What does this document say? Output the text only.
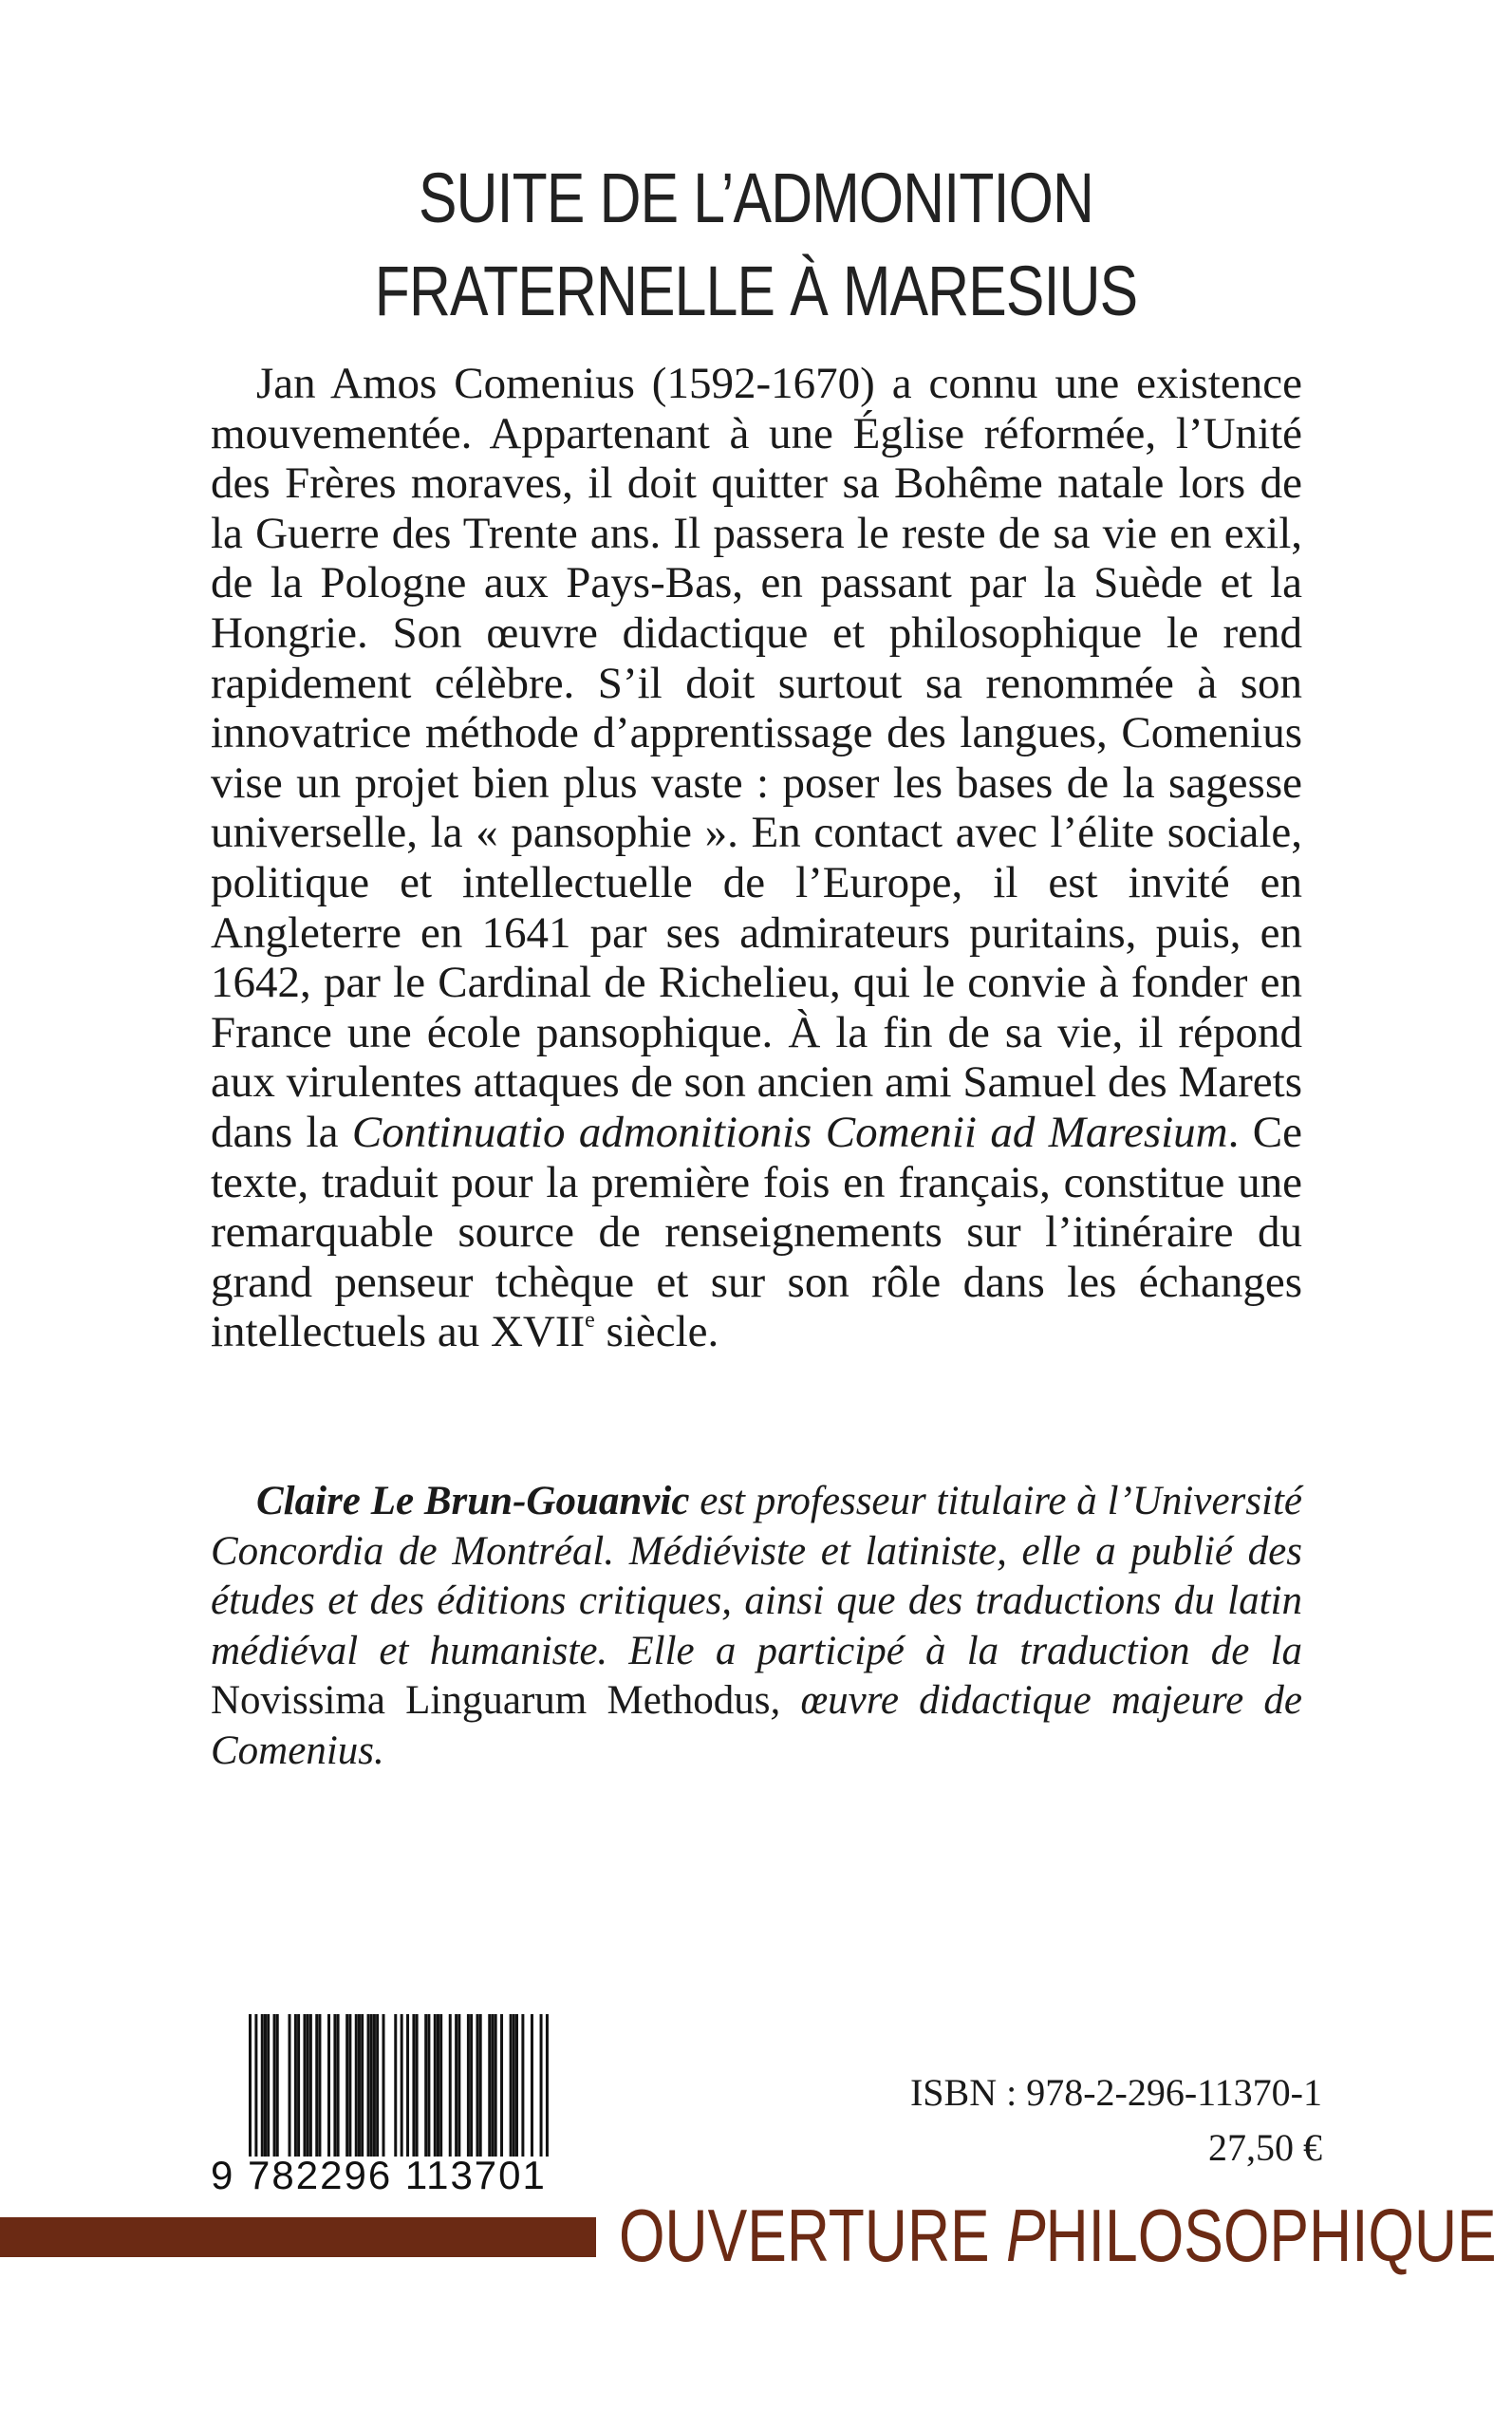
SUITE DE L’ADMONITION
FRATERNELLE À MARESIUS
Jan Amos Comenius (1592-1670) a connu une existence mouvementée. Appartenant à une Église réformée, l’Unité des Frères moraves, il doit quitter sa Bohême natale lors de la Guerre des Trente ans. Il passera le reste de sa vie en exil, de la Pologne aux Pays-Bas, en passant par la Suède et la Hongrie. Son œuvre didactique et philosophique le rend rapidement célèbre. S’il doit surtout sa renommée à son innovatrice méthode d’apprentissage des langues, Comenius vise un projet bien plus vaste : poser les bases de la sagesse universelle, la « pansophie ». En contact avec l’élite sociale, politique et intellectuelle de l’Europe, il est invité en Angleterre en 1641 par ses admirateurs puritains, puis, en 1642, par le Cardinal de Richelieu, qui le convie à fonder en France une école pansophique. À la fin de sa vie, il répond aux virulentes attaques de son ancien ami Samuel des Marets dans la Continuatio admonitionis Comenii ad Maresium. Ce texte, traduit pour la première fois en français, constitue une remarquable source de renseignements sur l’itinéraire du grand penseur tchèque et sur son rôle dans les échanges intellectuels au XVIIe siècle.
Claire Le Brun-Gouanvic est professeur titulaire à l’Université Concordia de Montréal. Médiéviste et latiniste, elle a publié des études et des éditions critiques, ainsi que des traductions du latin médiéval et humaniste. Elle a participé à la traduction de la Novissima Linguarum Methodus, œuvre didactique majeure de Comenius.
9 782296 113701
ISBN : 978-2-296-11370-1
27,50 €
OUVERTURE PHILOSOPHIQUE
